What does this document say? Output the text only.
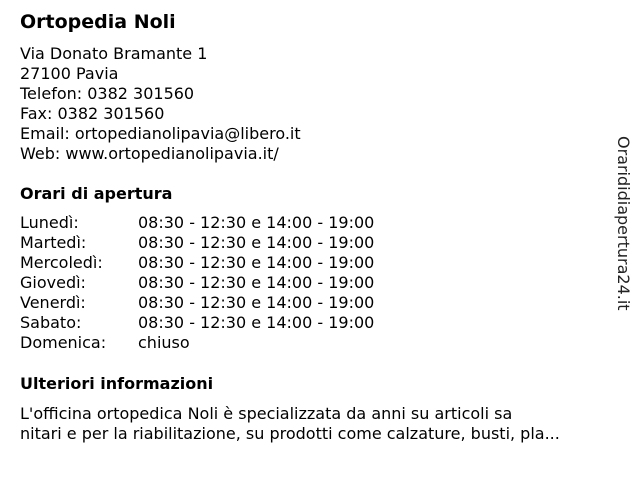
Ortopedia Noli
Via Donato Bramante 1
27100 Pavia
Telefon: 0382 301560
Fax: 0382 301560
Email: ortopedianolipavia@libero.it
Web: www.ortopedianolipavia.it/
Orari di apertura
Lunedì:	08:30 - 12:30 e 14:00 - 19:00
Martedì:	08:30 - 12:30 e 14:00 - 19:00
Mercoledì: 08:30 - 12:30 e 14:00 - 19:00
Giovedì:	08:30 - 12:30 e 14:00 - 19:00
Venerdì:	08:30 - 12:30 e 14:00 - 19:00
Sabato:	08:30 - 12:30 e 14:00 - 19:00
Domenica: chiuso
Ulteriori informazioni
L'officina ortopedica Noli è specializzata da anni su articoli sa
nitari e per la riabilitazione, su prodotti come calzature, busti, pla...
Orarididiapertura24.it
